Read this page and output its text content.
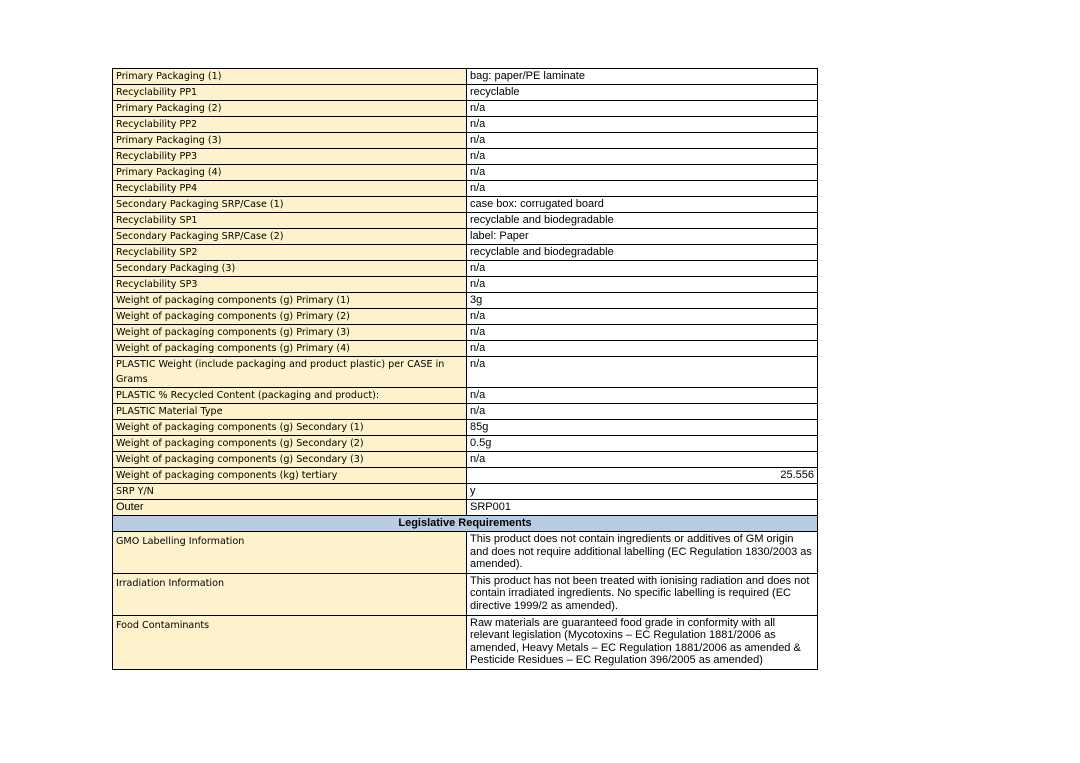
Primary Packaging (1)	bag: paper/PE laminate
Recyclability PP1	recyclable
Primary Packaging (2)	n/a
Recyclability PP2	n/a
Primary Packaging (3)	n/a
Recyclability PP3	n/a
Primary Packaging (4)	n/a
Recyclability PP4	n/a
Secondary Packaging SRP/Case (1)	case box: corrugated board
Recyclability SP1	recyclable and biodegradable
Secondary Packaging SRP/Case (2)	label: Paper
Recyclability SP2	recyclable and biodegradable
Secondary Packaging (3)	n/a
Recyclability SP3	n/a
Weight of packaging components (g) Primary (1)	3g
Weight of packaging components (g) Primary (2)	n/a
Weight of packaging components (g) Primary (3)	n/a
Weight of packaging components (g) Primary (4)	n/a
PLASTIC Weight (include packaging and product plastic) per CASE in Grams	n/a
PLASTIC % Recycled Content (packaging and product):	n/a
PLASTIC Material Type	n/a
Weight of packaging components (g) Secondary (1)	85g
Weight of packaging components (g) Secondary (2)	0.5g
Weight of packaging components (g) Secondary (3)	n/a
Weight of packaging components (kg) tertiary	25.556
SRP Y/N	y
Outer	SRP001
Legislative Requirements	
GMO Labelling Information	This product does not contain ingredients or additives of GM origin and does not require additional labelling (EC Regulation 1830/2003 as amended).
Irradiation Information	This product has not been treated with ionising radiation and does not contain irradiated ingredients. No specific labelling is required (EC directive 1999/2 as amended).
Food Contaminants	Raw materials are guaranteed food grade in conformity with all relevant legislation (Mycotoxins – EC Regulation 1881/2006 as amended, Heavy Metals – EC Regulation 1881/2006 as amended & Pesticide Residues – EC Regulation 396/2005 as amended)
